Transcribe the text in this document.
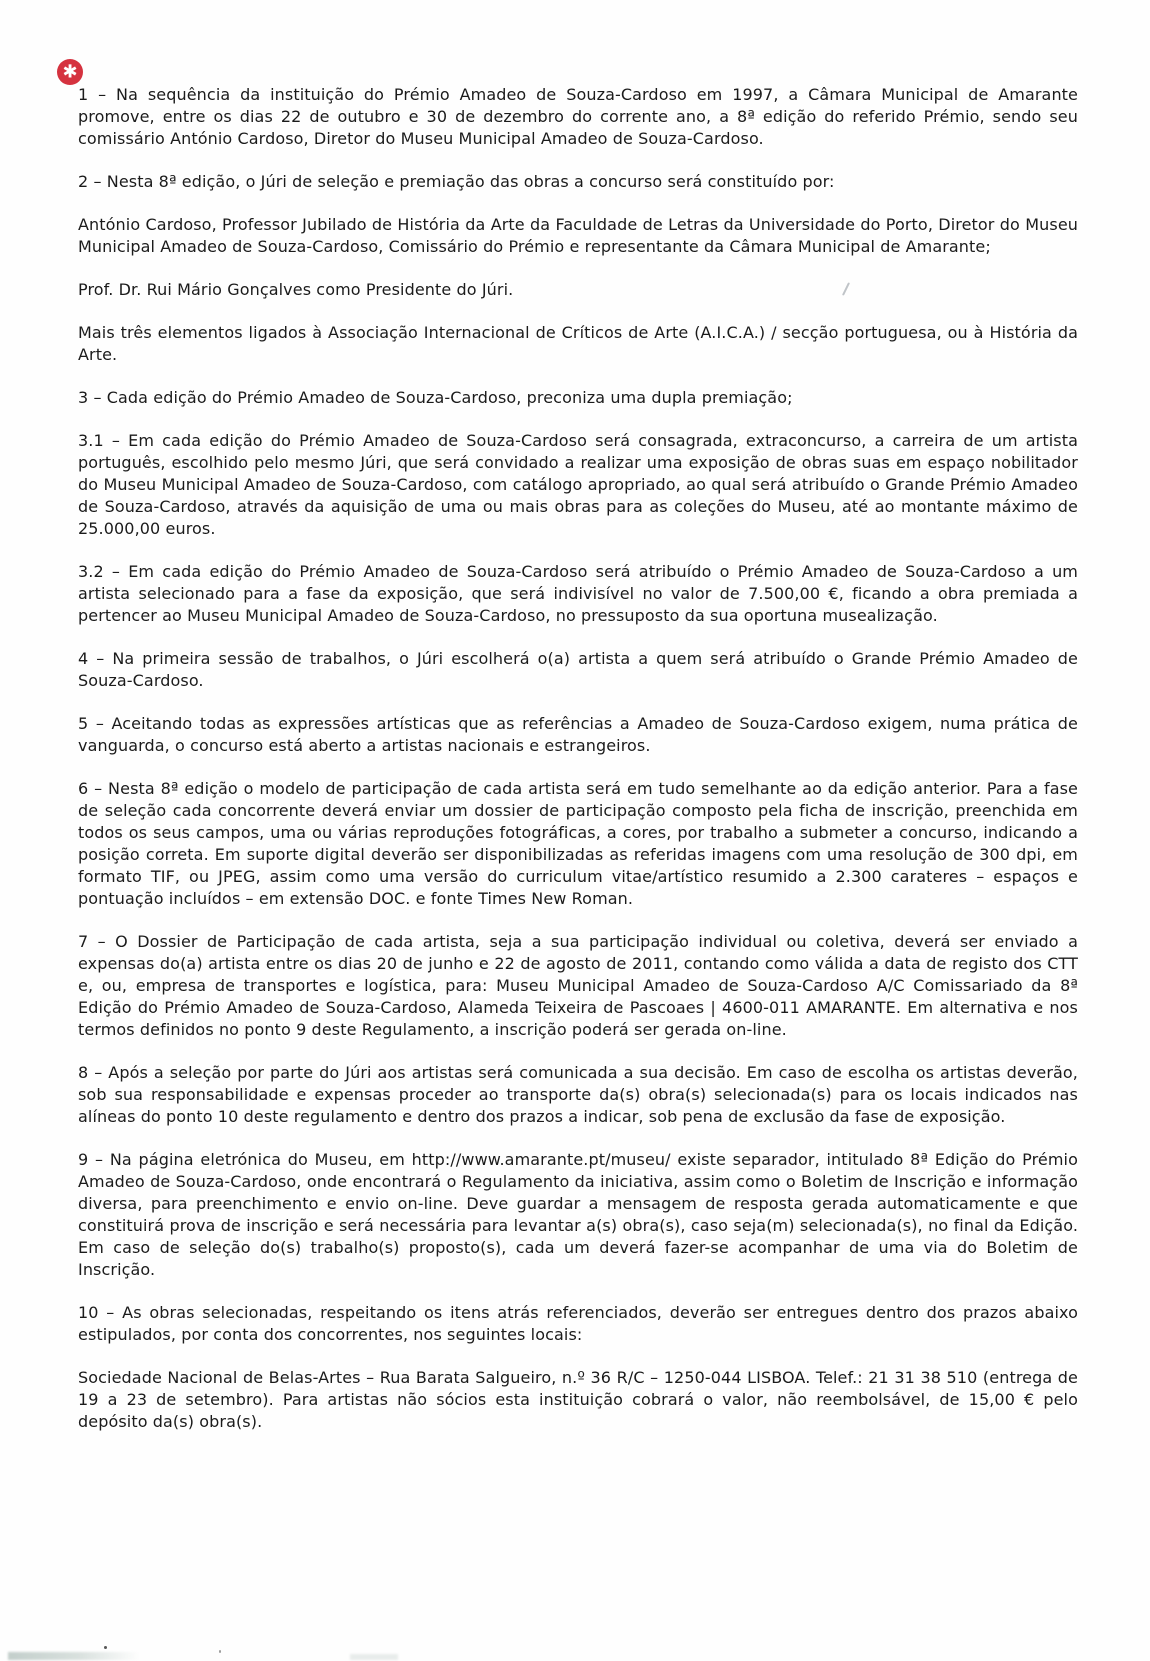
✱

1 – Na sequência da instituição do Prémio Amadeo de Souza-Cardoso em 1997, a Câmara Municipal de Amarante promove, entre os dias 22 de outubro e 30 de dezembro do corrente ano, a 8ª edição do referido Prémio, sendo seu comissário António Cardoso, Diretor do Museu Municipal Amadeo de Souza-Cardoso.

2 – Nesta 8ª edição, o Júri de seleção e premiação das obras a concurso será constituído por:

António Cardoso, Professor Jubilado de História da Arte da Faculdade de Letras da Universidade do Porto, Diretor do Museu Municipal Amadeo de Souza-Cardoso, Comissário do Prémio e representante da Câmara Municipal de Amarante;

Prof. Dr. Rui Mário Gonçalves como Presidente do Júri.

Mais três elementos ligados à Associação Internacional de Críticos de Arte (A.I.C.A.) / secção portuguesa, ou à História da Arte.

3 – Cada edição do Prémio Amadeo de Souza-Cardoso, preconiza uma dupla premiação;

3.1 – Em cada edição do Prémio Amadeo de Souza-Cardoso será consagrada, extraconcurso, a carreira de um artista português, escolhido pelo mesmo Júri, que será convidado a realizar uma exposição de obras suas em espaço nobilitador do Museu Municipal Amadeo de Souza-Cardoso, com catálogo apropriado, ao qual será atribuído o Grande Prémio Amadeo de Souza-Cardoso, através da aquisição de uma ou mais obras para as coleções do Museu, até ao montante máximo de 25.000,00 euros.

3.2 – Em cada edição do Prémio Amadeo de Souza-Cardoso será atribuído o Prémio Amadeo de Souza-Cardoso a um artista selecionado para a fase da exposição, que será indivisível no valor de 7.500,00 €, ficando a obra premiada a pertencer ao Museu Municipal Amadeo de Souza-Cardoso, no pressuposto da sua oportuna musealização.

4 – Na primeira sessão de trabalhos, o Júri escolherá o(a) artista a quem será atribuído o Grande Prémio Amadeo de Souza-Cardoso.

5 – Aceitando todas as expressões artísticas que as referências a Amadeo de Souza-Cardoso exigem, numa prática de vanguarda, o concurso está aberto a artistas nacionais e estrangeiros.

6 – Nesta 8ª edição o modelo de participação de cada artista será em tudo semelhante ao da edição anterior. Para a fase de seleção cada concorrente deverá enviar um dossier de participação composto pela ficha de inscrição, preenchida em todos os seus campos, uma ou várias reproduções fotográficas, a cores, por trabalho a submeter a concurso, indicando a posição correta. Em suporte digital deverão ser disponibilizadas as referidas imagens com uma resolução de 300 dpi, em formato TIF, ou JPEG, assim como uma versão do curriculum vitae/artístico resumido a 2.300 carateres – espaços e pontuação incluídos – em extensão DOC. e fonte Times New Roman.

7 – O Dossier de Participação de cada artista, seja a sua participação individual ou coletiva, deverá ser enviado a expensas do(a) artista entre os dias 20 de junho e 22 de agosto de 2011, contando como válida a data de registo dos CTT e, ou, empresa de transportes e logística, para: Museu Municipal Amadeo de Souza-Cardoso A/C Comissariado da 8ª Edição do Prémio Amadeo de Souza-Cardoso, Alameda Teixeira de Pascoaes | 4600-011 AMARANTE. Em alternativa e nos termos definidos no ponto 9 deste Regulamento, a inscrição poderá ser gerada on-line.

8 – Após a seleção por parte do Júri aos artistas será comunicada a sua decisão. Em caso de escolha os artistas deverão, sob sua responsabilidade e expensas proceder ao transporte da(s) obra(s) selecionada(s) para os locais indicados nas alíneas do ponto 10 deste regulamento e dentro dos prazos a indicar, sob pena de exclusão da fase de exposição.

9 – Na página eletrónica do Museu, em http://www.amarante.pt/museu/ existe separador, intitulado 8ª Edição do Prémio Amadeo de Souza-Cardoso, onde encontrará o Regulamento da iniciativa, assim como o Boletim de Inscrição e informação diversa, para preenchimento e envio on-line. Deve guardar a mensagem de resposta gerada automaticamente e que constituirá prova de inscrição e será necessária para levantar a(s) obra(s), caso seja(m) selecionada(s), no final da Edição. Em caso de seleção do(s) trabalho(s) proposto(s), cada um deverá fazer-se acompanhar de uma via do Boletim de Inscrição.

10 – As obras selecionadas, respeitando os itens atrás referenciados, deverão ser entregues dentro dos prazos abaixo estipulados, por conta dos concorrentes, nos seguintes locais:

Sociedade Nacional de Belas-Artes – Rua Barata Salgueiro, n.º 36 R/C – 1250-044 LISBOA. Telef.: 21 31 38 510 (entrega de 19 a 23 de setembro). Para artistas não sócios esta instituição cobrará o valor, não reembolsável, de 15,00 € pelo depósito da(s) obra(s).
